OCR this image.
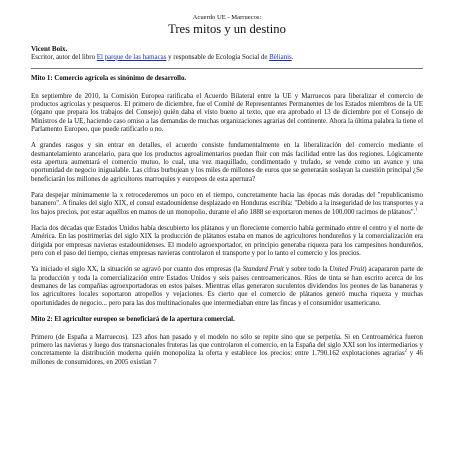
Acuerdo UE - Marruecos:

Tres mitos y un destino

Vicent Boix.

Escritor, autor del libro El parque de las hamacas y responsable de Ecología Social de Bèlianis.

Mito 1: Comercio agrícola es sinónimo de desarrollo.

En septiembre de 2010, la Comisión Europea ratificaba el Acuerdo Bilateral entre la UE y Marruecos para liberalizar el comercio de productos agrícolas y pesqueros. El primero de diciembre, fue el Comité de Representantes Permanentes de los Estados miembros de la UE (órgano que prepara los trabajos del Consejo) quién daba el visto bueno al texto, que era aprobado el 13 de diciembre por el Consejo de Ministros de la UE, haciendo caso omiso a las demandas de muchas organizaciones agrarias del continente. Ahora la última palabra la tiene el Parlamento Europeo, que puede ratificarlo o no.

A grandes rasgos y sin entrar en detalles, el acuerdo consiste fundamentalmente en la liberalización del comercio mediante el desmantelamiento arancelario, para que los productos agroalimentarios puedan fluir con más facilidad entre las dos regiones. Lógicamente esta apertura aumentará el comercio mutuo, lo cual, una vez maquillado, condimentado y trufado, se vende como un avance y una oportunidad de negocio inigualable. Las cifras burbujean y los miles de millones de euros que se generarán soslayan la cuestión principal ¿Se beneficiarán los millones de agricultores marroquíes y europeos de esta apertura?

Para despejar mínimamente la x retrocederemos un poco en el tiempo, concretamente hacia las épocas más doradas del "republicanismo bananero". A finales del siglo XIX, el consul estadounidense desplazado en Honduras escribía: "Debido a la inseguridad de los transportes y a los bajos precios, por estar aquéllos en manos de un monopolio, durante el año 1888 se exportaron menos de 100.000 racimos de plátanos".$^1$

Hacia dos décadas que Estados Unidos había descubierto los plátanos y un floreciente comercio había germinado entre el centro y el norte de América. En las postrimerías del siglo XIX la producción de plátanos estaba en manos de agricultores hondureños y la comercialización era dirigida por empresas navieras estadounidenses. El modelo agroexportador, en principio generaba riqueza para los campesinos hondureños, pero con el paso del tiempo, ciertas empresas navieras controlaron el transporte y por lo tanto el comercio y los precios.

Ya iniciado el siglo XX, la situación se agravó por cuanto dos empresas (la Standard Fruit y sobre todo la United Fruit) acapararon parte de la producción y toda la comercialización entre Estados Unidos y seis países centroamericanos. Ríos de tinta se han escrito acerca de los desmanes de las compañías agroexportadoras en estos países. Mientras ellas generaron suculentos dividendos los peones de las bananeras y los agricultores locales soportaron atropellos y vejaciones. Es cierto que el comercio de plátanos generó mucha riqueza y muchas oportunidades de negocio... pero para las dos multinacionales que intermediaban entre las fincas y el consumidor usamericano.

Mito 2: El agricultor europeo se beneficiará de la apertura comercial.

Primero (de España a Marruecos). 123 años han pasado y el modelo no sólo se repite sino que se perpetúa. Si en Centroamérica fueron primero las navieras y luego dos transnacionales fruteras las que controlaron el comercio, en la España del siglo XXI son los intermediarios y concretamente la distribución moderna quién monopoliza la oferta y establece los precios: entre 1.790.162 explotaciones agrarias$^2$ y 46 millones de consumidores, en 2005 existían 7
